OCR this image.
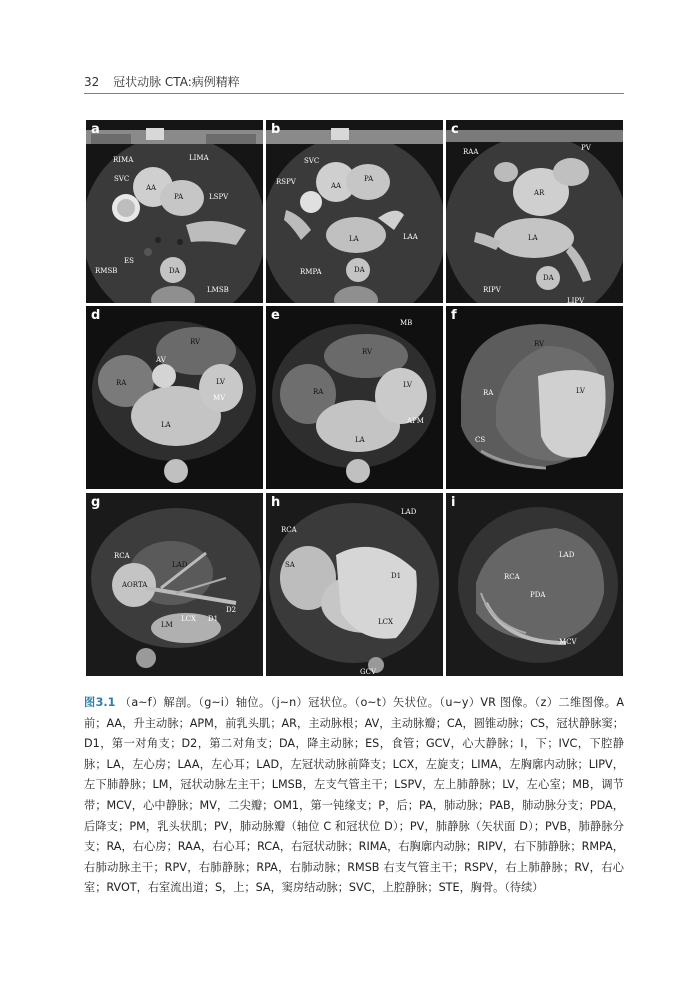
32 冠状动脉 CTA:病例精粹
a
RIMA	LIMA
SVC
AA
PA	LSPV
ES
RMSB	DA
LMSB
b
SVC
RSPV	AA
PA
LA	LAA
RMPA	DA
c
RAA	PV
AR
LA
RIPV
DA
LIPV
d
RV
RA
AV
LV
MV
LA
e	MB
RV
RA
LV
APM
LA
f
RV
RA	LV
CS
g
RCA
LAD
AORTA
D2
LCX D1
LM
h
LAD
RCA
SA
D1
LCX
GCV
i
LAD
RCA
PDA
MCV
图3.1 （a~f）解剖。（g~i）轴位。（j~n）冠状位。（o~t）矢状位。（u~y）VR 图像。（z）二维图像。A 前；AA，升主动脉；APM，前乳头肌；AR，主动脉根；AV，主动脉瓣；CA，圆锥动脉；CS，冠状静脉窦；D1，第一对角支；D2，第二对角支；DA，降主动脉；ES，食管；GCV，心大静脉；I，下；IVC，下腔静脉；LA，左心房；LAA，左心耳；LAD，左冠状动脉前降支；LCX，左旋支；LIMA，左胸廓内动脉；LIPV，左下肺静脉；LM，冠状动脉左主干；LMSB，左支气管主干；LSPV，左上肺静脉；LV，左心室；MB，调节带；MCV，心中静脉；MV，二尖瓣；OM1，第一钝缘支；P，后；PA，肺动脉；PAB，肺动脉分支；PDA，后降支；PM，乳头状肌；PV，肺动脉瓣（轴位 C 和冠状位 D）；PV，肺静脉（矢状面 D）；PVB，肺静脉分支；RA，右心房；RAA，右心耳；RCA，右冠状动脉；RIMA，右胸廓内动脉；RIPV，右下肺静脉；RMPA，右肺动脉主干；RPV，右肺静脉；RPA，右肺动脉；RMSB 右支气管主干；RSPV，右上肺静脉；RV，右心室；RVOT，右室流出道；S，上；SA，窦房结动脉；SVC，上腔静脉；STE，胸骨。（待续）
